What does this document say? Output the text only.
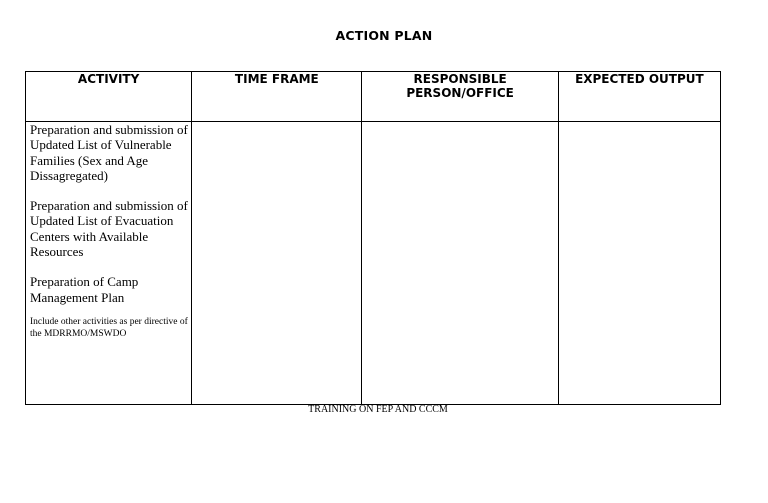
ACTION PLAN
ACTIVITY	TIME FRAME	RESPONSIBLE PERSON/OFFICE	EXPECTED OUTPUT

Preparation and submission of Updated List of Vulnerable Families (Sex and Age Dissagregated)

Preparation and submission of Updated List of Evacuation Centers with Available Resources

Preparation of Camp Management Plan

Include other activities as per directive of the MDRRMO/MSWDO			

TRAINING ON FEP AND CCCM
